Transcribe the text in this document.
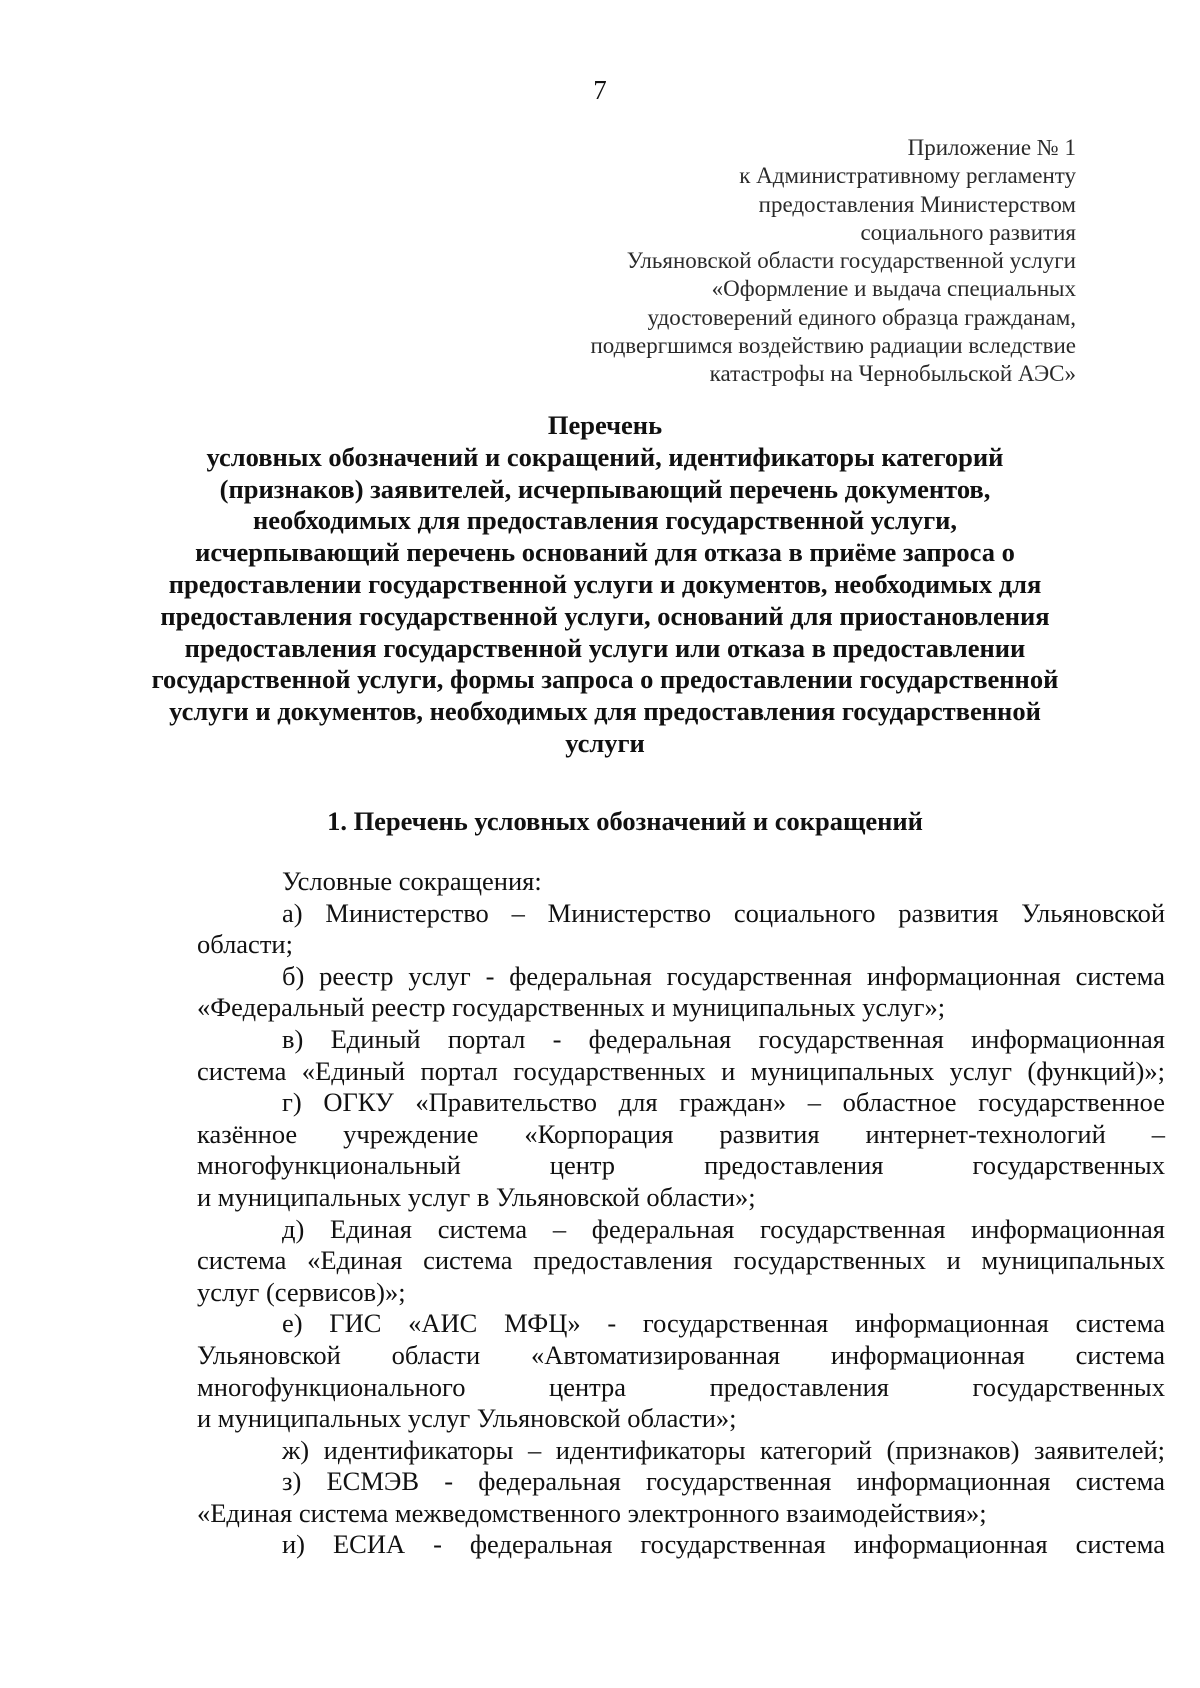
7
Приложение № 1
к Административному регламенту
предоставления Министерством
социального развития
Ульяновской области государственной услуги
«Оформление и выдача специальных
удостоверений единого образца гражданам,
подвергшимся воздействию радиации вследствие
катастрофы на Чернобыльской АЭС»
Перечень
условных обозначений и сокращений, идентификаторы категорий
(признаков) заявителей, исчерпывающий перечень документов,
необходимых для предоставления государственной услуги,
исчерпывающий перечень оснований для отказа в приёме запроса о
предоставлении государственной услуги и документов, необходимых для
предоставления государственной услуги, оснований для приостановления
предоставления государственной услуги или отказа в предоставлении
государственной услуги, формы запроса о предоставлении государственной
услуги и документов, необходимых для предоставления государственной
услуги
1. Перечень условных обозначений и сокращений
Условные сокращения:
а) Министерство – Министерство социального развития Ульяновской
области;
б) реестр услуг - федеральная государственная информационная система
«Федеральный реестр государственных и муниципальных услуг»;
в) Единый портал - федеральная государственная информационная
система «Единый портал государственных и муниципальных услуг (функций)»;
г) ОГКУ «Правительство для граждан» – областное государственное
казённое учреждение «Корпорация развития интернет-технологий –
многофункциональный центр предоставления государственных
и муниципальных услуг в Ульяновской области»;
д) Единая система – федеральная государственная информационная
система «Единая система предоставления государственных и муниципальных
услуг (сервисов)»;
е) ГИС «АИС МФЦ» - государственная информационная система
Ульяновской области «Автоматизированная информационная система
многофункционального центра предоставления государственных
и муниципальных услуг Ульяновской области»;
ж) идентификаторы – идентификаторы категорий (признаков) заявителей;
з) ЕСМЭВ - федеральная государственная информационная система
«Единая система межведомственного электронного взаимодействия»;
и) ЕСИА - федеральная государственная информационная система
